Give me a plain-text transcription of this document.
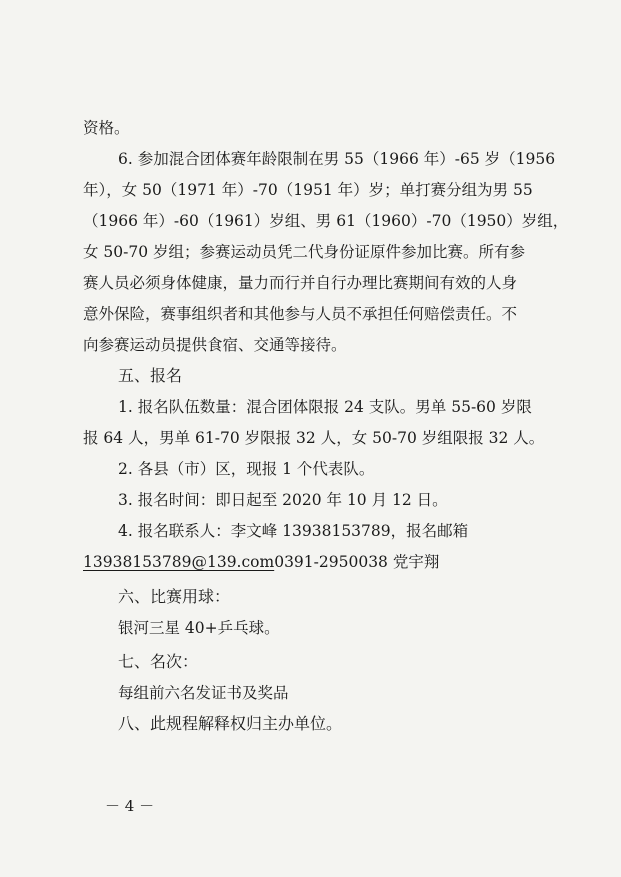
资格。
6. 参加混合团体赛年龄限制在男 55（1966 年）-65 岁（1956
年），女 50（1971 年）-70（1951 年）岁；单打赛分组为男 55
（1966 年）-60（1961）岁组、男 61（1960）-70（1950）岁组，
女 50-70 岁组；参赛运动员凭二代身份证原件参加比赛。所有参
赛人员必须身体健康，量力而行并自行办理比赛期间有效的人身
意外保险，赛事组织者和其他参与人员不承担任何赔偿责任。不
向参赛运动员提供食宿、交通等接待。
五、报名
1. 报名队伍数量：混合团体限报 24 支队。男单 55-60 岁限
报 64 人，男单 61-70 岁限报 32 人，女 50-70 岁组限报 32 人。
2. 各县（市）区，现报 1 个代表队。
3. 报名时间：即日起至 2020 年 10 月 12 日。
4. 报名联系人：李文峰 13938153789，报名邮箱
13938153789@139.com0391-2950038 党宇翔
六、比赛用球：
银河三星 40+乒乓球。
七、名次：
每组前六名发证书及奖品
八、此规程解释权归主办单位。
－ 4 －
